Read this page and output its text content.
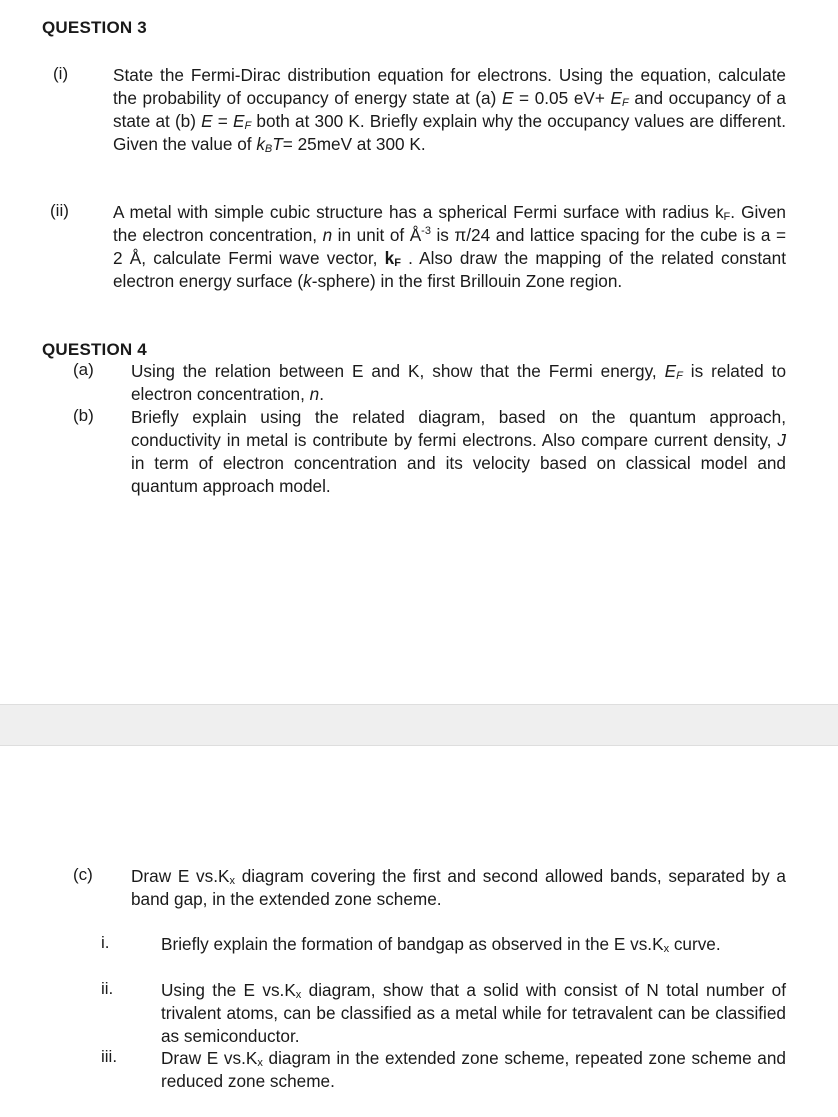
QUESTION 3
(i)	State the Fermi-Dirac distribution equation for electrons. Using the equation, calculate the probability of occupancy of energy state at (a) E = 0.05 $eV+ E_F$ and occupancy of a state at (b) $E = E_F$ both at 300 K. Briefly explain why the occupancy values are different. Given the value of $k_BT= 25meV$ at 300 K.
(ii)	A metal with simple cubic structure has a spherical Fermi surface with radius $k_F$. Given the electron concentration, n in unit of $Å^{-3}$ is π/24 and lattice spacing for the cube is a = 2 Å, calculate Fermi wave vector, $k_F$ . Also draw the mapping of the related constant electron energy surface (k-sphere) in the first Brillouin Zone region.
QUESTION 4
(a) Using the relation between E and K, show that the Fermi energy, $E_F$ is related to electron concentration, n.
(b) Briefly explain using the related diagram, based on the quantum approach, conductivity in metal is contribute by fermi electrons. Also compare current density, J in term of electron concentration and its velocity based on classical model and quantum approach model.
(c) Draw E $vs.K_x$ diagram covering the first and second allowed bands, separated by a band gap, in the extended zone scheme.
i.	Briefly explain the formation of bandgap as observed in the E $vs.K_x$ curve.
ii.	Using the E $vs.K_x$ diagram, show that a solid with consist of N total number of trivalent atoms, can be classified as a metal while for tetravalent can be classified as semiconductor.
iii.	Draw E $vs.K_x$ diagram in the extended zone scheme, repeated zone scheme and reduced zone scheme.
